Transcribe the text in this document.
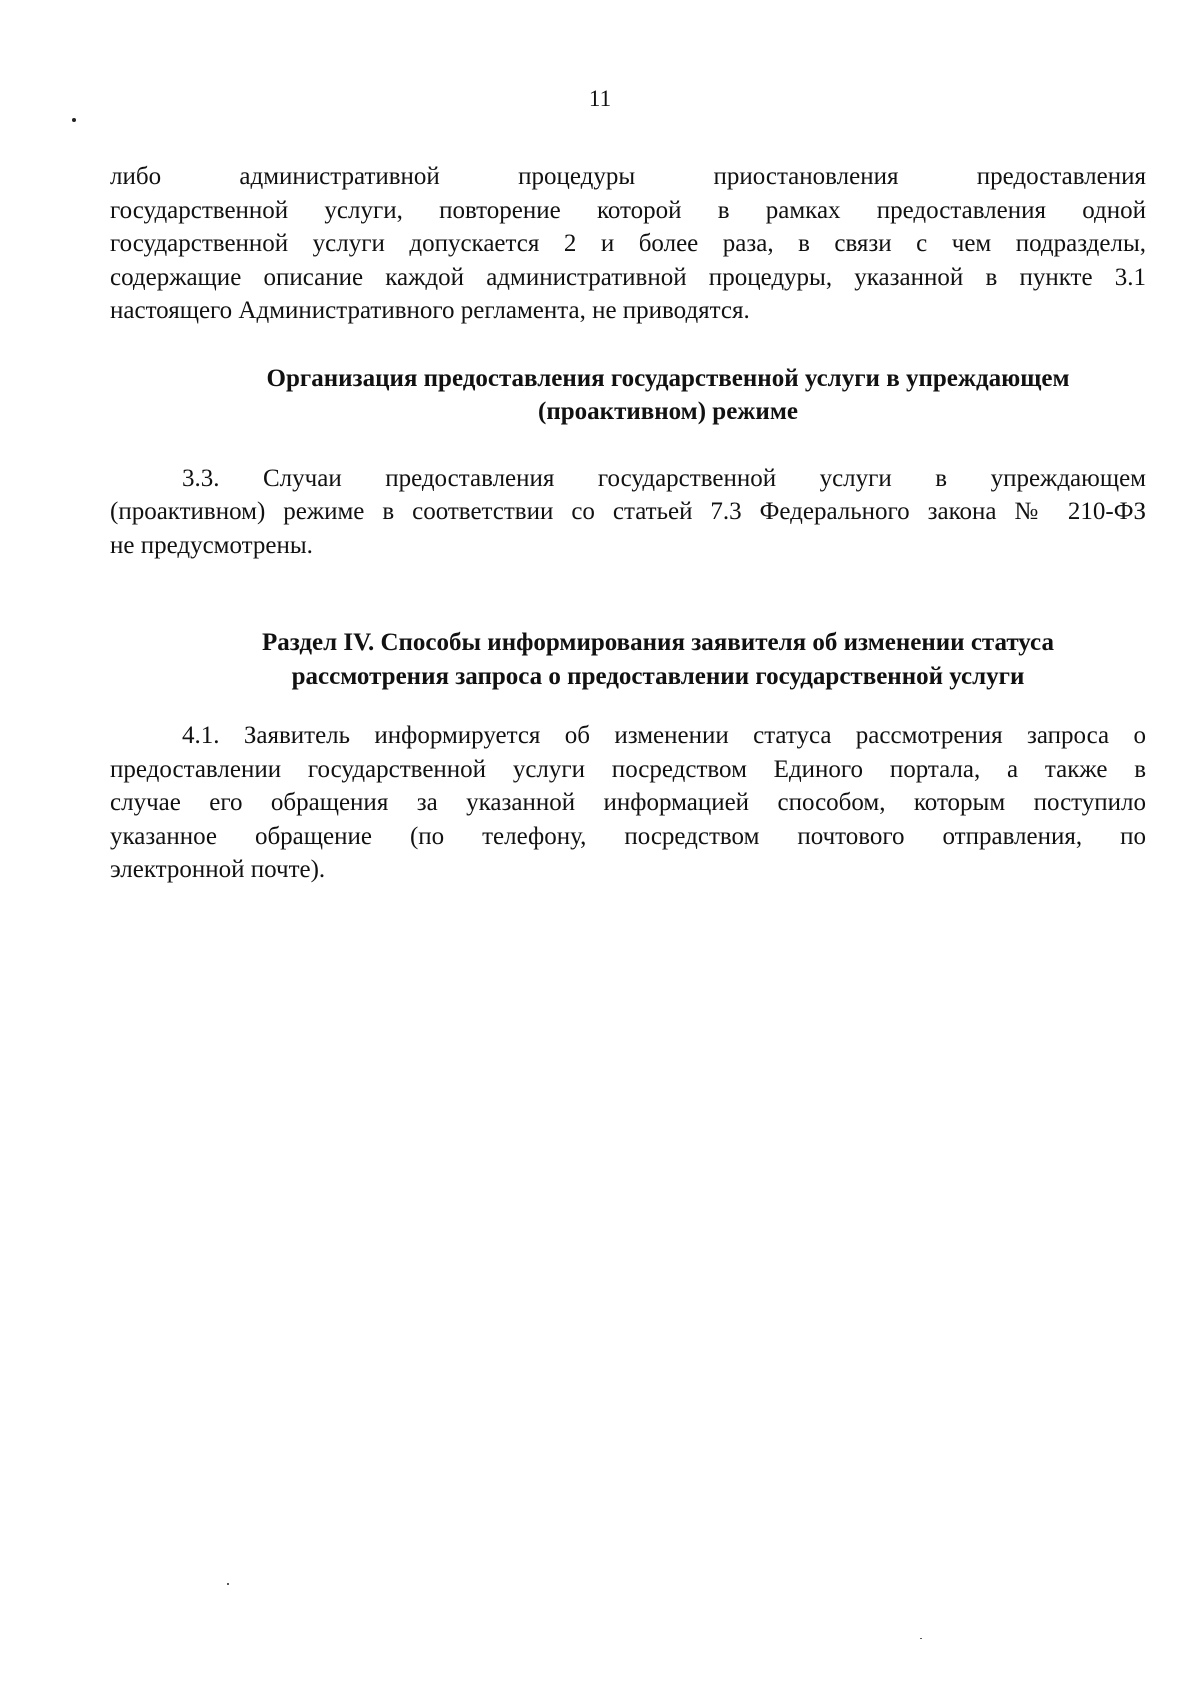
11
либо административной процедуры приостановления предоставления
государственной услуги, повторение которой в рамках предоставления одной
государственной услуги допускается 2 и более раза, в связи с чем подразделы,
содержащие описание каждой административной процедуры, указанной в пункте 3.1
настоящего Административного регламента, не приводятся.
Организация предоставления государственной услуги в упреждающем
(проактивном) режиме
3.3. Случаи предоставления государственной услуги в упреждающем
(проактивном) режиме в соответствии со статьей 7.3 Федерального закона № 210-ФЗ
не предусмотрены.
Раздел IV. Способы информирования заявителя об изменении статуса
рассмотрения запроса о предоставлении государственной услуги
4.1. Заявитель информируется об изменении статуса рассмотрения запроса о
предоставлении государственной услуги посредством Единого портала, а также в
случае его обращения за указанной информацией способом, которым поступило
указанное обращение (по телефону, посредством почтового отправления, по
электронной почте).
